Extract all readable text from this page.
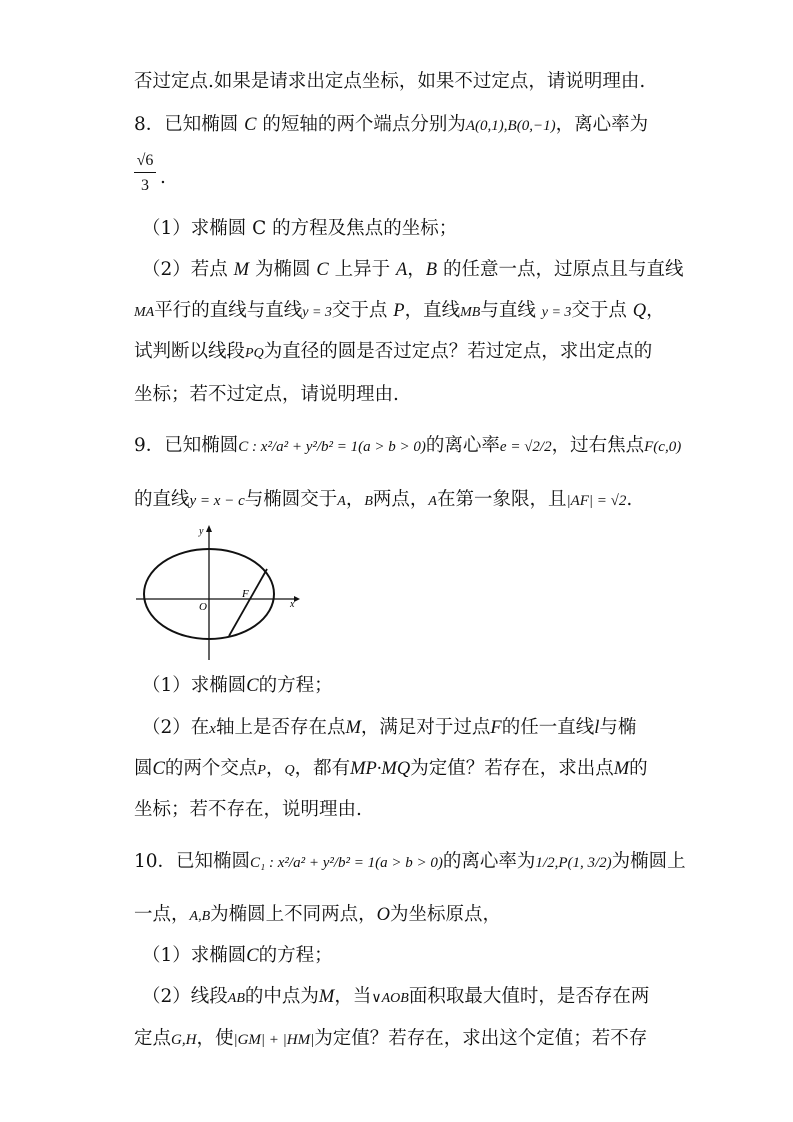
否过定点.如果是请求出定点坐标，如果不过定点，请说明理由.
8．已知椭圆 C 的短轴的两个端点分别为A(0,1),B(0,−1)，离心率为
$\frac{√6}{3}$ .
（1）求椭圆 C 的方程及焦点的坐标；
（2）若点 M 为椭圆 C 上异于 A，B 的任意一点，过原点且与直线
MA平行的直线与直线y = 3交于点 P，直线MB与直线 y = 3交于点 Q，
试判断以线段PQ为直径的圆是否过定点？若过定点，求出定点的
坐标；若不过定点，请说明理由.
9．已知椭圆C : x²/a² + y²/b² = 1(a > b > 0)的离心率e = √2/2，过右焦点F(c,0)
的直线y = x − c与椭圆交于A，B两点，A在第一象限，且|AF| = √2.
y
x
O
F
（1）求椭圆C的方程；
（2）在x轴上是否存在点M，满足对于过点F的任一直线l与椭
圆C的两个交点P，Q，都有MP·MQ为定值？若存在，求出点M的
坐标；若不存在，说明理由.
10．已知椭圆C₁ : x²/a² + y²/b² = 1(a > b > 0)的离心率为1/2,P(1, 3/2)为椭圆上
一点，A,B为椭圆上不同两点，O为坐标原点，
（1）求椭圆C的方程；
（2）线段AB的中点为M，当∨AOB面积取最大值时，是否存在两
定点G,H，使|GM| + |HM|为定值？若存在，求出这个定值；若不存
